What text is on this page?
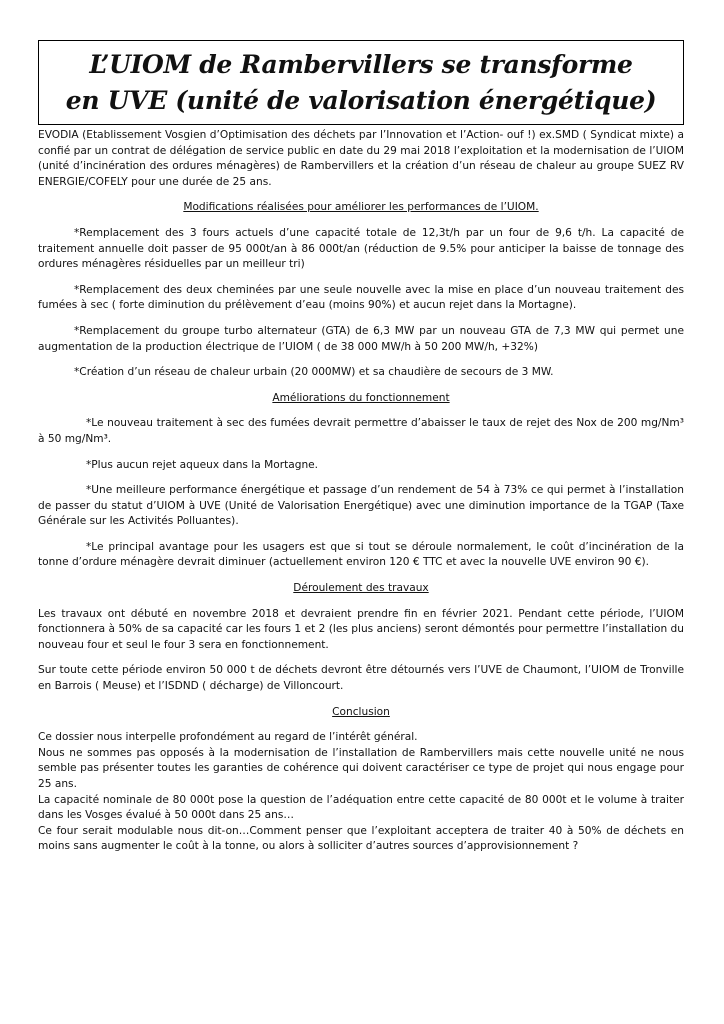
L’UIOM de Rambervillers se transforme
en UVE (unité de valorisation énergétique)

EVODIA (Etablissement Vosgien d’Optimisation des déchets par l’Innovation et l’Action- ouf !) ex.SMD ( Syndicat mixte) a confié par un contrat de délégation de service public en date du 29 mai 2018 l’exploitation et la modernisation de l’UIOM (unité d’incinération des ordures ménagères) de Rambervillers et la création d’un réseau de chaleur au groupe SUEZ RV ENERGIE/COFELY pour une durée de 25 ans.

Modifications réalisées pour améliorer les performances de l’UIOM.

*Remplacement des 3 fours actuels d’une capacité totale de 12,3t/h par un four de 9,6 t/h. La capacité de traitement annuelle doit passer de 95 000t/an à 86 000t/an (réduction de 9.5% pour anticiper la baisse de tonnage des ordures ménagères résiduelles par un meilleur tri)

*Remplacement des deux cheminées par une seule nouvelle avec la mise en place d’un nouveau traitement des fumées à sec ( forte diminution du prélèvement d’eau (moins 90%) et aucun rejet dans la Mortagne).

*Remplacement du groupe turbo alternateur (GTA) de 6,3 MW par un nouveau GTA de 7,3 MW qui permet une augmentation de la production électrique de l’UIOM ( de 38 000 MW/h à 50 200 MW/h, +32%)

*Création d’un réseau de chaleur urbain (20 000MW) et sa chaudière de secours de 3 MW.

Améliorations du fonctionnement

*Le nouveau traitement à sec des fumées devrait permettre d’abaisser le taux de rejet des Nox de 200 mg/Nm³ à 50 mg/Nm³.

*Plus aucun rejet aqueux dans la Mortagne.

*Une meilleure performance énergétique et passage d’un rendement de 54 à 73% ce qui permet à l’installation de passer du statut d’UIOM à UVE (Unité de Valorisation Energétique) avec une diminution importance de la TGAP (Taxe Générale sur les Activités Polluantes).

*Le principal avantage pour les usagers est que si tout se déroule normalement, le coût d’incinération de la tonne d’ordure ménagère devrait diminuer (actuellement environ 120 € TTC et avec la nouvelle UVE environ 90 €).

Déroulement des travaux

Les travaux ont débuté en novembre 2018 et devraient prendre fin en février 2021. Pendant cette période, l’UIOM fonctionnera à 50% de sa capacité car les fours 1 et 2 (les plus anciens) seront démontés pour permettre l’installation du nouveau four et seul le four 3 sera en fonctionnement.

Sur toute cette période environ 50 000 t de déchets devront être détournés vers l’UVE de Chaumont, l’UIOM de Tronville en Barrois ( Meuse) et l’ISDND ( décharge) de Villoncourt.

Conclusion

Ce dossier nous interpelle profondément au regard de l’intérêt général.

Nous ne sommes pas opposés à la modernisation de l’installation de Rambervillers mais cette nouvelle unité ne nous semble pas présenter toutes les garanties de cohérence qui doivent caractériser ce type de projet qui nous engage pour 25 ans.

La capacité nominale de 80 000t pose la question de l’adéquation entre cette capacité de 80 000t et le volume à traiter dans les Vosges évalué à 50 000t dans 25 ans…

Ce four serait modulable nous dit-on…Comment penser que l’exploitant acceptera de traiter 40 à 50% de déchets en moins sans augmenter le coût à la tonne, ou alors à solliciter d’autres sources d’approvisionnement ?
